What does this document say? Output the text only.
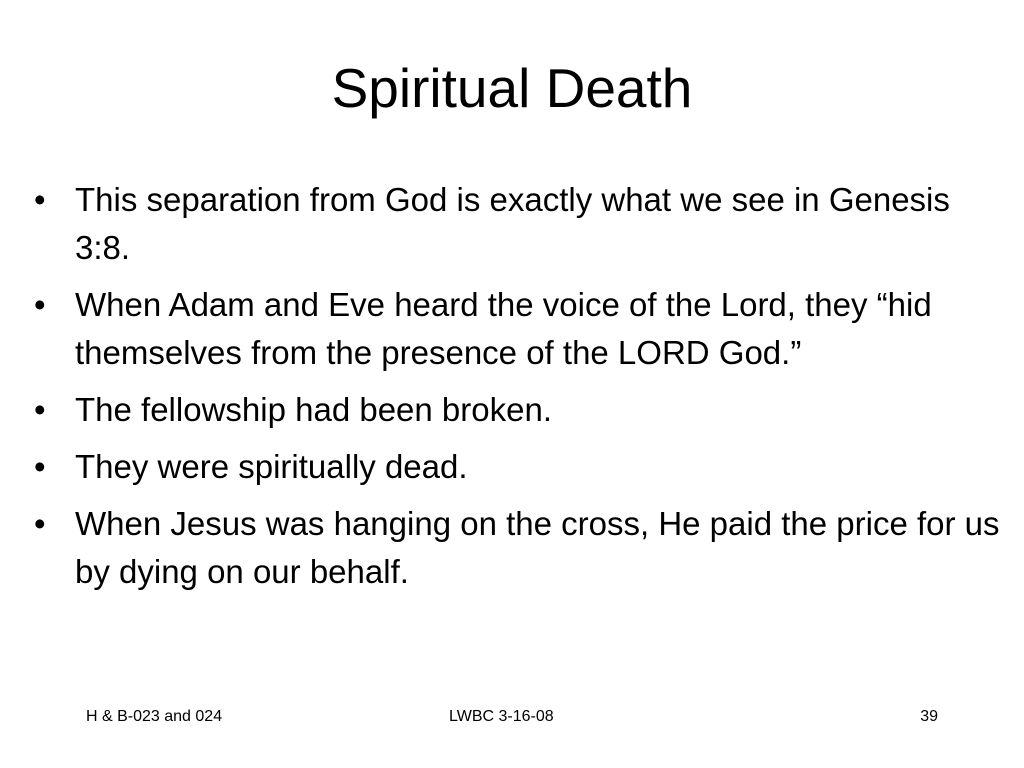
Spiritual Death
• This separation from God is exactly what we see in Genesis 3:8.
• When Adam and Eve heard the voice of the Lord, they “hid themselves from the presence of the LORD God.”
• The fellowship had been broken.
• They were spiritually dead.
• When Jesus was hanging on the cross, He paid the price for us by dying on our behalf.
H & B-023 and 024	LWBC 3-16-08	39
